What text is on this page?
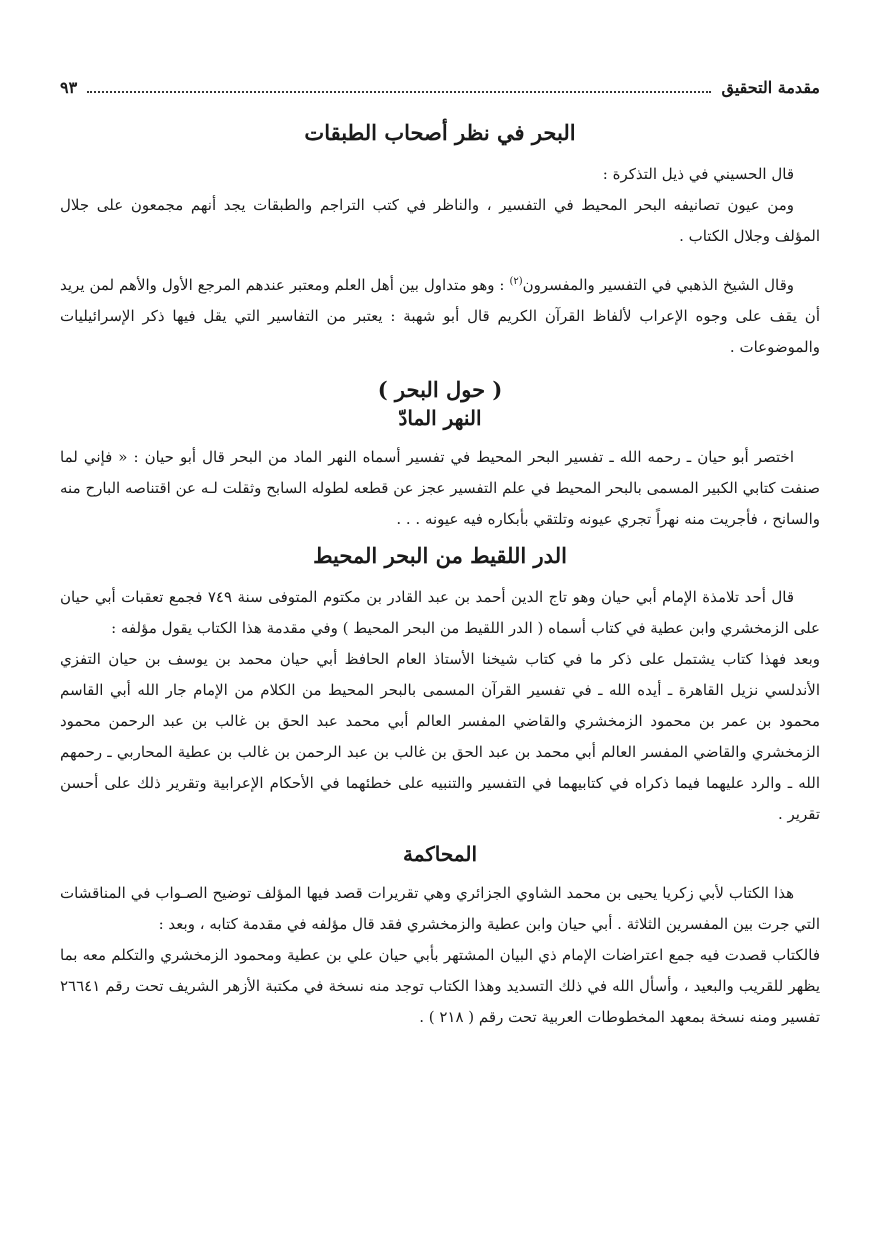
مقدمة التحقيق
٩٣
البحر في نظر أصحاب الطبقات

قال الحسيني في ذيل التذكرة :

ومن عيون تصانيفه البحر المحيط في التفسير ، والناظر في كتب التراجم والطبقات يجد أنهم مجمعون على جلال المؤلف وجلال الكتاب .

وقال الشيخ الذهبي في التفسير والمفسرون$^{(٢)}$ : وهو متداول بين أهل العلم ومعتبر عندهم المرجع الأول والأهم لمن يريد أن يقف على وجوه الإعراب لألفاظ القرآن الكريم قال أبو شهبة : يعتبر من التفاسير التي يقل فيها ذكر الإسرائيليات والموضوعات .

( حول البحر )
النهر المادّ

اختصر أبو حيان ـ رحمه الله ـ تفسير البحر المحيط في تفسير أسماه النهر الماد من البحر قال أبو حيان : « فإني لما صنفت كتابي الكبير المسمى بالبحر المحيط في علم التفسير عجز عن قطعه لطوله السابح وثقلت لـه عن اقتناصه البارح منه والسانح ، فأجريت منه نهراً تجري عيونه وتلتقي بأبكاره فيه عيونه . . .

الدر اللقيط من البحر المحيط

قال أحد تلامذة الإمام أبي حيان وهو تاج الدين أحمد بن عبد القادر بن مكتوم المتوفى سنة ٧٤٩ فجمع تعقبات أبي حيان على الزمخشري وابن عطية في كتاب أسماه ( الدر اللقيط من البحر المحيط ) وفي مقدمة هذا الكتاب يقول مؤلفه :

وبعد فهذا كتاب يشتمل على ذكر ما في كتاب شيخنا الأستاذ العام الحافظ أبي حيان محمد بن يوسف بن حيان التفزي الأندلسي نزيل القاهرة ـ أيده الله ـ في تفسير القرآن المسمى بالبحر المحيط من الكلام من الإمام جار الله أبي القاسم محمود بن عمر بن محمود الزمخشري والقاضي المفسر العالم أبي محمد عبد الحق بن غالب بن عبد الرحمن محمود الزمخشري والقاضي المفسر العالم أبي محمد بن عبد الحق بن غالب بن عبد الرحمن بن غالب بن عطية المحاربي ـ رحمهم الله ـ والرد عليهما فيما ذكراه في كتابيهما في التفسير والتنبيه على خطئهما في الأحكام الإعرابية وتقرير ذلك على أحسن تقرير .

المحاكمة

هذا الكتاب لأبي زكريا يحيى بن محمد الشاوي الجزائري وهي تقريرات قصد فيها المؤلف توضيح الصـواب في المناقشات التي جرت بين المفسرين الثلاثة . أبي حيان وابن عطية والزمخشري فقد قال مؤلفه في مقدمة كتابه ، وبعد :

فالكتاب قصدت فيه جمع اعتراضات الإمام ذي البيان المشتهر بأبي حيان علي بن عطية ومحمود الزمخشري والتكلم معه بما يظهر للقريب والبعيد ، وأسأل الله في ذلك التسديد وهذا الكتاب توجد منه نسخة في مكتبة الأزهر الشريف تحت رقم ٢٦٦٤١ تفسير ومنه نسخة بمعهد المخطوطات العربية تحت رقم ( ٢١٨ ) .
